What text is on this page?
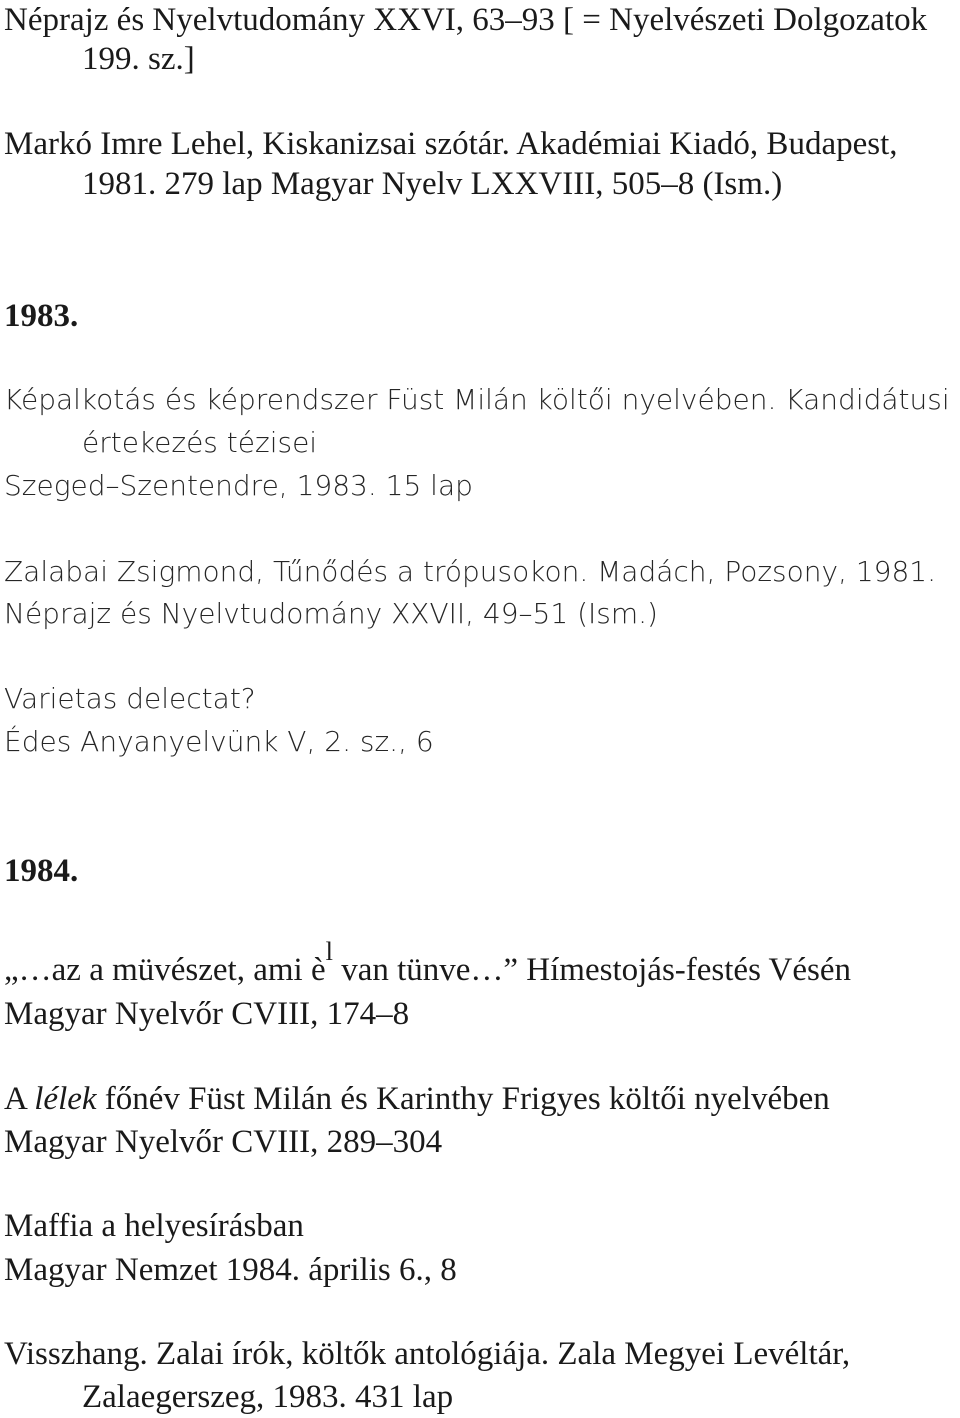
Néprajz és Nyelvtudomány XXVI, 63–93 [ = Nyelvészeti Dolgozatok
199. sz.]
Markó Imre Lehel, Kiskanizsai szótár. Akadémiai Kiadó, Budapest,
1981. 279 lap Magyar Nyelv LXXVIII, 505–8 (Ism.)
1983.
Képalkotás és képrendszer Füst Milán költői nyelvében. Kandidátusi
értekezés tézisei
Szeged–Szentendre, 1983. 15 lap
Zalabai Zsigmond, Tűnődés a trópusokon. Madách, Pozsony, 1981.
Néprajz és Nyelvtudomány XXVII, 49–51 (Ism.)
Varietas delectat?
Édes Anyanyelvünk V, 2. sz., 6
1984.
„…az a müvészet, ami $è^l$ van tünve…” Hímestojás-festés Vésén
Magyar Nyelvőr CVIII, 174–8
A lélek főnév Füst Milán és Karinthy Frigyes költői nyelvében
Magyar Nyelvőr CVIII, 289–304
Maffia a helyesírásban
Magyar Nemzet 1984. április 6., 8
Visszhang. Zalai írók, költők antológiája. Zala Megyei Levéltár,
Zalaegerszeg, 1983. 431 lap
